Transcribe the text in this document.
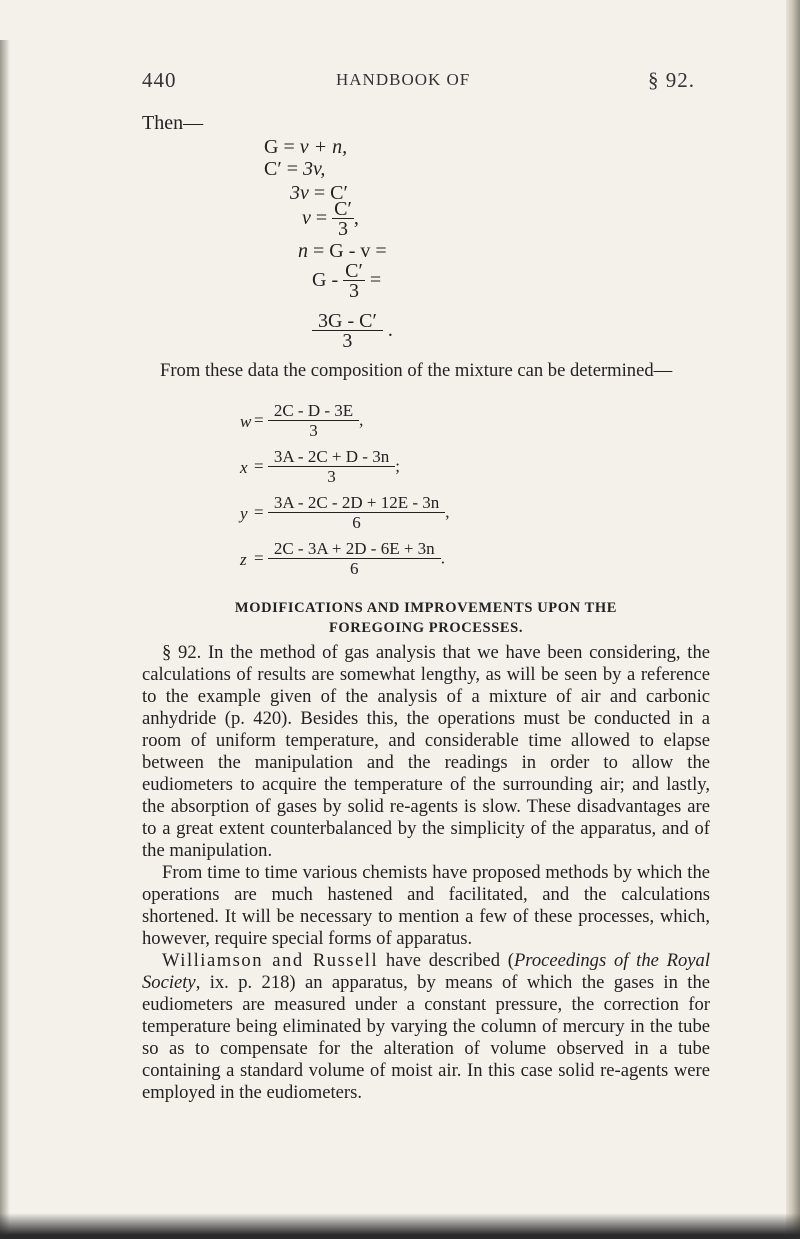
440	HANDBOOK OF	§ 92.
Then—
G = v + n,
C′ = 3v,
3v = C′
$v = \frac{C'}{3}$ ,
n = G - v =
G - $\frac{C'}{3}$ =
$\frac{3G - C'}{3}$ .

From these data the composition of the mixture can be determined—

$w = \frac{2C - D - 3E}{3}$ ,
$x = \frac{3A - 2C + D - 3n}{3}$ ;
$y = \frac{3A - 2C - 2D + 12E - 3n}{6}$ ,
$z = \frac{2C - 3A + 2D - 6E + 3n}{6}$ .
MODIFICATIONS AND IMPROVEMENTS UPON THE
FOREGOING PROCESSES.

§ 92. In the method of gas analysis that we have been considering, the calculations of results are somewhat lengthy, as will be seen by a reference to the example given of the analysis of a mixture of air and carbonic anhydride (p. 420). Besides this, the operations must be conducted in a room of uniform temperature, and considerable time allowed to elapse between the manipulation and the readings in order to allow the eudiometers to acquire the temperature of the surrounding air; and lastly, the absorption of gases by solid re-agents is slow. These disadvantages are to a great extent counterbalanced by the simplicity of the apparatus, and of the manipulation.

From time to time various chemists have proposed methods by which the operations are much hastened and facilitated, and the calculations shortened. It will be necessary to mention a few of these processes, which, however, require special forms of apparatus.

Williamson and Russell have described (Proceedings of the Royal Society, ix. p. 218) an apparatus, by means of which the gases in the eudiometers are measured under a constant pressure, the correction for temperature being eliminated by varying the column of mercury in the tube so as to compensate for the alteration of volume observed in a tube containing a standard volume of moist air. In this case solid re-agents were employed in the eudiometers.
